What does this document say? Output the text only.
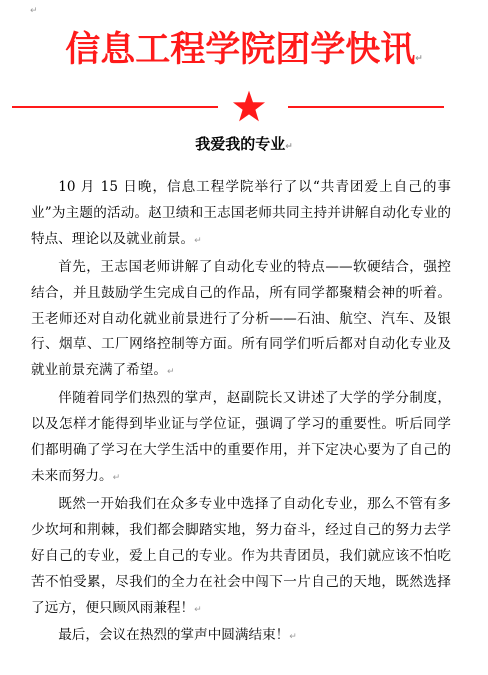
↵
信息工程学院团学快讯↵
我爱我的专业↵

10 月 15 日晚，信息工程学院举行了以“共青团爱上自己的事业”为主题的活动。赵卫绩和王志国老师共同主持并讲解自动化专业的特点、理论以及就业前景。↵

首先，王志国老师讲解了自动化专业的特点——软硬结合，强控结合，并且鼓励学生完成自己的作品，所有同学都聚精会神的听着。王老师还对自动化就业前景进行了分析——石油、航空、汽车、及银行、烟草、工厂网络控制等方面。所有同学们听后都对自动化专业及就业前景充满了希望。↵

伴随着同学们热烈的掌声，赵副院长又讲述了大学的学分制度，以及怎样才能得到毕业证与学位证，强调了学习的重要性。听后同学们都明确了学习在大学生活中的重要作用，并下定决心要为了自己的未来而努力。↵

既然一开始我们在众多专业中选择了自动化专业，那么不管有多少坎坷和荆棘，我们都会脚踏实地，努力奋斗，经过自己的努力去学好自己的专业，爱上自己的专业。作为共青团员，我们就应该不怕吃苦不怕受累，尽我们的全力在社会中闯下一片自己的天地，既然选择了远方，便只顾风雨兼程！↵

最后，会议在热烈的掌声中圆满结束！↵
